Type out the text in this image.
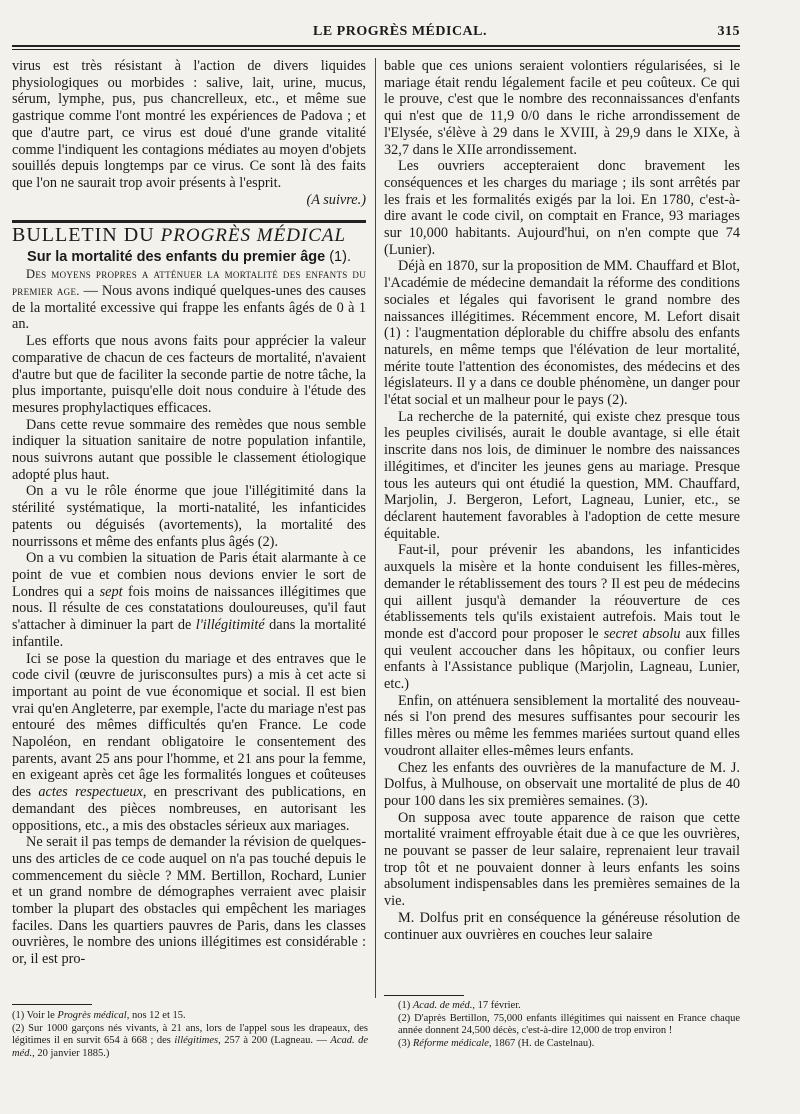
LE PROGRÈS MÉDICAL.	315

virus est très résistant à l'action de divers liquides physiologiques ou morbides : salive, lait, urine, mucus, sérum, lymphe, pus, pus chancrelleux, etc., et même sue gastrique comme l'ont montré les expériences de Padova ; et que d'autre part, ce virus est doué d'une grande vitalité comme l'indiquent les contagions médiates au moyen d'objets souillés depuis longtemps par ce virus. Ce sont là des faits que l'on ne saurait trop avoir présents à l'esprit.

(A suivre.)

BULLETIN DU PROGRÈS MÉDICAL

Sur la mortalité des enfants du premier âge (1).

Des moyens propres a atténuer la mortalité des enfants du premier age. — Nous avons indiqué quelques-unes des causes de la mortalité excessive qui frappe les enfants âgés de 0 à 1 an.

Les efforts que nous avons faits pour apprécier la valeur comparative de chacun de ces facteurs de mortalité, n'avaient d'autre but que de faciliter la seconde partie de notre tâche, la plus importante, puisqu'elle doit nous conduire à l'étude des mesures prophylactiques efficaces.

Dans cette revue sommaire des remèdes que nous semble indiquer la situation sanitaire de notre population infantile, nous suivrons autant que possible le classement étiologique adopté plus haut.

On a vu le rôle énorme que joue l'illégitimité dans la stérilité systématique, la morti-natalité, les infanticides patents ou déguisés (avortements), la mortalité des nourrissons et même des enfants plus âgés (2).

On a vu combien la situation de Paris était alarmante à ce point de vue et combien nous devions envier le sort de Londres qui a sept fois moins de naissances illégitimes que nous. Il résulte de ces constatations douloureuses, qu'il faut s'attacher à diminuer la part de l'illégitimité dans la mortalité infantile.

Ici se pose la question du mariage et des entraves que le code civil (œuvre de jurisconsultes purs) a mis à cet acte si important au point de vue économique et social. Il est bien vrai qu'en Angleterre, par exemple, l'acte du mariage n'est pas entouré des mêmes difficultés qu'en France. Le code Napoléon, en rendant obligatoire le consentement des parents, avant 25 ans pour l'homme, et 21 ans pour la femme, en exigeant après cet âge les formalités longues et coûteuses des actes respectueux, en prescrivant des publications, en demandant des pièces nombreuses, en autorisant les oppositions, etc., a mis des obstacles sérieux aux mariages.

Ne serait il pas temps de demander la révision de quelques-uns des articles de ce code auquel on n'a pas touché depuis le commencement du siècle ? MM. Bertillon, Rochard, Lunier et un grand nombre de démographes verraient avec plaisir tomber la plupart des obstacles qui empêchent les mariages faciles. Dans les quartiers pauvres de Paris, dans les classes ouvrières, le nombre des unions illégitimes est considérable : or, il est pro-

bable que ces unions seraient volontiers régularisées, si le mariage était rendu légalement facile et peu coûteux. Ce qui le prouve, c'est que le nombre des reconnaissances d'enfants qui n'est que de 11,9 0/0 dans le riche arrondissement de l'Elysée, s'élève à 29 dans le XVIII, à 29,9 dans le XIXe, à 32,7 dans le XIIe arrondissement.

Les ouvriers accepteraient donc bravement les conséquences et les charges du mariage ; ils sont arrêtés par les frais et les formalités exigés par la loi. En 1780, c'est-à-dire avant le code civil, on comptait en France, 93 mariages sur 10,000 habitants. Aujourd'hui, on n'en compte que 74 (Lunier).

Déjà en 1870, sur la proposition de MM. Chauffard et Blot, l'Académie de médecine demandait la réforme des conditions sociales et légales qui favorisent le grand nombre des naissances illégitimes. Récemment encore, M. Lefort disait (1) : l'augmentation déplorable du chiffre absolu des enfants naturels, en même temps que l'élévation de leur mortalité, mérite toute l'attention des économistes, des médecins et des législateurs. Il y a dans ce double phénomène, un danger pour l'état social et un malheur pour le pays (2).

La recherche de la paternité, qui existe chez presque tous les peuples civilisés, aurait le double avantage, si elle était inscrite dans nos lois, de diminuer le nombre des naissances illégitimes, et d'inciter les jeunes gens au mariage. Presque tous les auteurs qui ont étudié la question, MM. Chauffard, Marjolin, J. Bergeron, Lefort, Lagneau, Lunier, etc., se déclarent hautement favorables à l'adoption de cette mesure équitable.

Faut-il, pour prévenir les abandons, les infanticides auxquels la misère et la honte conduisent les filles-mères, demander le rétablissement des tours ? Il est peu de médecins qui aillent jusqu'à demander la réouverture de ces établissements tels qu'ils existaient autrefois. Mais tout le monde est d'accord pour proposer le secret absolu aux filles qui veulent accoucher dans les hôpitaux, ou confier leurs enfants à l'Assistance publique (Marjolin, Lagneau, Lunier, etc.)

Enfin, on atténuera sensiblement la mortalité des nouveau-nés si l'on prend des mesures suffisantes pour secourir les filles mères ou même les femmes mariées surtout quand elles voudront allaiter elles-mêmes leurs enfants.

Chez les enfants des ouvrières de la manufacture de M. J. Dolfus, à Mulhouse, on observait une mortalité de plus de 40 pour 100 dans les six premières semaines. (3).

On supposa avec toute apparence de raison que cette mortalité vraiment effroyable était due à ce que les ouvrières, ne pouvant se passer de leur salaire, reprenaient leur travail trop tôt et ne pouvaient donner à leurs enfants les soins absolument indispensables dans les premières semaines de la vie.

M. Dolfus prit en conséquence la généreuse résolution de continuer aux ouvrières en couches leur salaire

(1) Voir le Progrès médical, nos 12 et 15.

(2) Sur 1000 garçons nés vivants, à 21 ans, lors de l'appel sous les drapeaux, des légitimes il en survit 654 à 668 ; des illégitimes, 257 à 200 (Lagneau. — Acad. de méd., 20 janvier 1885.)

(1) Acad. de méd., 17 février.

(2) D'après Bertillon, 75,000 enfants illégitimes qui naissent en France chaque année donnent 24,500 décès, c'est-à-dire 12,000 de trop environ !

(3) Réforme médicale, 1867 (H. de Castelnau).
